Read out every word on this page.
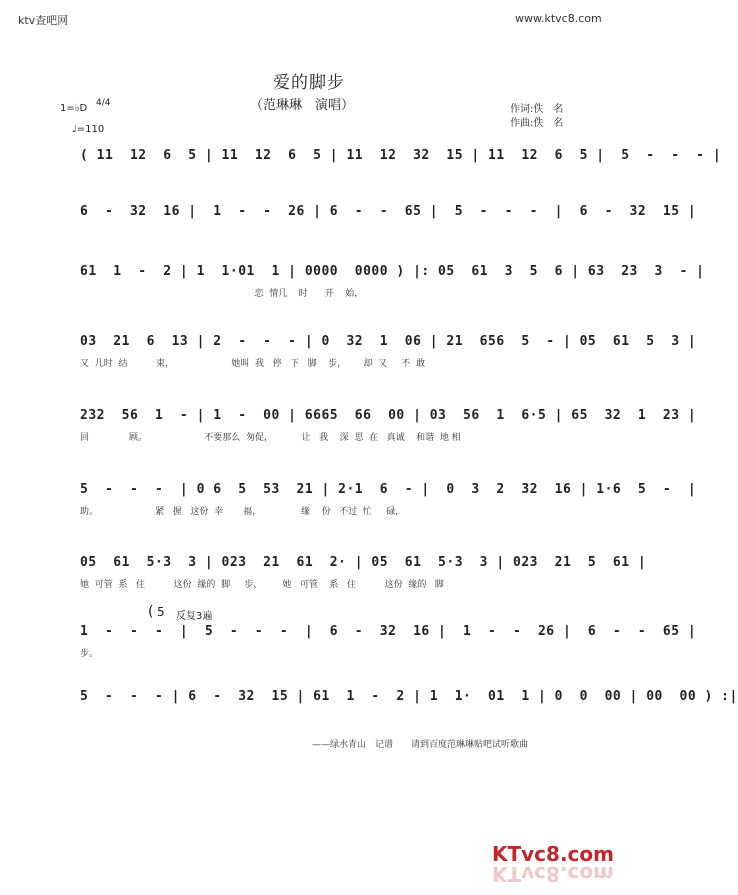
ktv查吧网	www.ktvc8.com
爱的脚步
（范琳琳　演唱）	作词:佚　名
作曲:佚　名
1=♭D 4/4
♩=110
( 11  12  6  5 | 11  12  6  5 | 11  12  32  15 | 11  12  6  5 |  5  -  -  - |
6  -  32  16 |  1  -  -  26 | 6  -  -  65 |  5  -  -  -  |  6  -  32  15 |
61  1  -  2 | 1  1·01  1 | 0000  0000 ) |: 05  61  3  5  6 | 63  23  3  - |
恋  情几    时      开    始，
03  21  6  13 | 2  -  -  - | 0  32  1  06 | 21  656  5  - | 05  61  5  3 |
又  几时  结          束，                    她叫  我   停   下   脚    步，      却  又     不  敢
232  56  1  - | 1  -  00 | 6665  66  00 | 03  56  1  6·5 | 65  32  1  23 |
回              顾。                    不要那么  匆促，          让   我    深  思  在   真诚    和谐  地 相
5  -  -  -  | 0 6  5  53  21 | 2·1  6  - |  0  3  2  32  16 | 1·6  5  -  |
助。                    紧   握   这份  幸       福，              缘    份   不过  忙     碌，
05  61  5·3  3 | 023  21  61  2· | 05  61  5·3  3 | 023  21  5  61 |
她  可管  系   住          这份  缘的  脚     步，       她   可管    系   住          这份  缘的   脚
1  -  -  -  |  5  -  -  -  |  6  -  32  16 |  1  -  -  26 |  6  -  -  65 |
步。
5  -  -  - | 6  -  32  15 | 61  1  -  2 | 1  1·  01  1 | 0  0  00 | 00  00 ) :|
( 5 反复3遍
——绿水青山　记谱　　请到百度范琳琳贴吧试听歌曲
KTvc8.com
KTvc8.com
